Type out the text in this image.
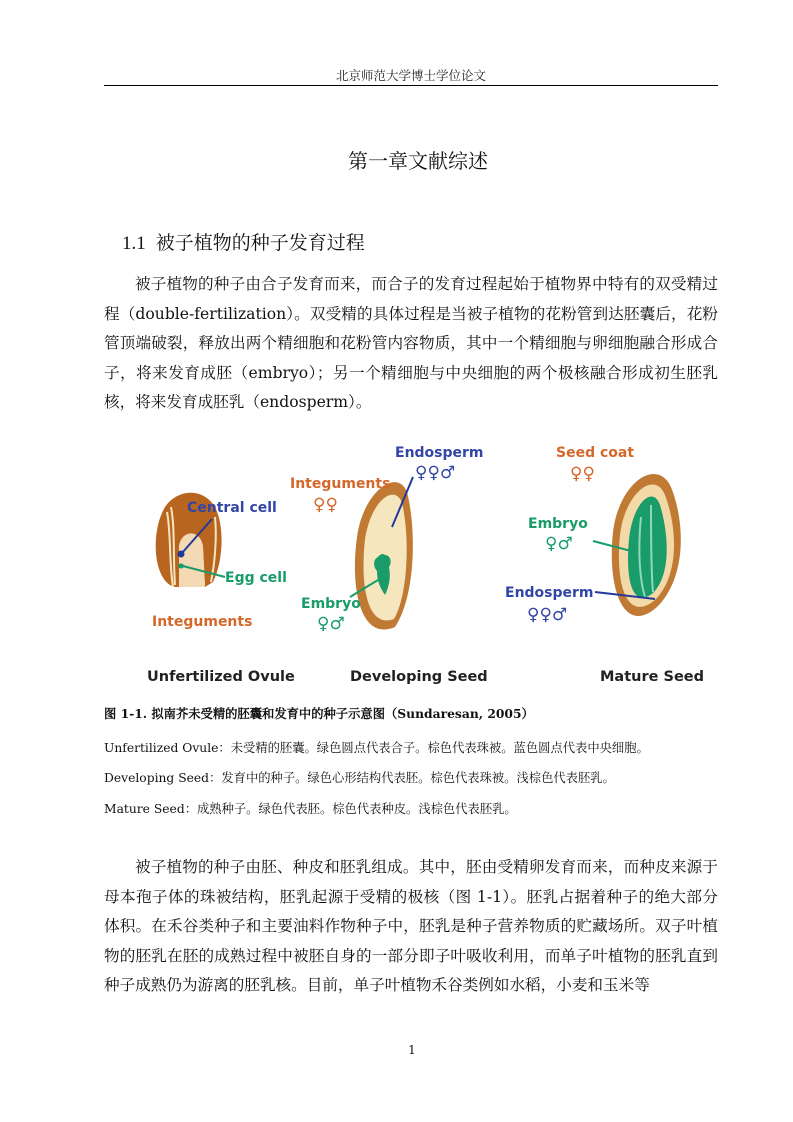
北京师范大学博士学位论文
第一章文献综述
1.1 被子植物的种子发育过程

被子植物的种子由合子发育而来，而合子的发育过程起始于植物界中特有的双受精过程（double-fertilization）。双受精的具体过程是当被子植物的花粉管到达胚囊后，花粉管顶端破裂，释放出两个精细胞和花粉管内容物质，其中一个精细胞与卵细胞融合形成合子，将来发育成胚（embryo）；另一个精细胞与中央细胞的两个极核融合形成初生胚乳核，将来发育成胚乳（endosperm）。

Central cell
Egg cell
Integuments
Endosperm
♀♀♂
Integuments
♀♀
Embryo
♀♂
Seed coat
♀♀
Embryo
♀♂
Endosperm
♀♀♂
Unfertilized Ovule	Developing Seed	Mature Seed
图 1-1. 拟南芥未受精的胚囊和发育中的种子示意图（Sundaresan, 2005）
Unfertilized Ovule：未受精的胚囊。绿色圆点代表合子。棕色代表珠被。蓝色圆点代表中央细胞。
Developing Seed：发育中的种子。绿色心形结构代表胚。棕色代表珠被。浅棕色代表胚乳。
Mature Seed：成熟种子。绿色代表胚。棕色代表种皮。浅棕色代表胚乳。

被子植物的种子由胚、种皮和胚乳组成。其中，胚由受精卵发育而来，而种皮来源于母本孢子体的珠被结构，胚乳起源于受精的极核（图 1-1）。胚乳占据着种子的绝大部分体积。在禾谷类种子和主要油料作物种子中，胚乳是种子营养物质的贮藏场所。双子叶植物的胚乳在胚的成熟过程中被胚自身的一部分即子叶吸收利用，而单子叶植物的胚乳直到种子成熟仍为游离的胚乳核。目前，单子叶植物禾谷类例如水稻，小麦和玉米等

1
